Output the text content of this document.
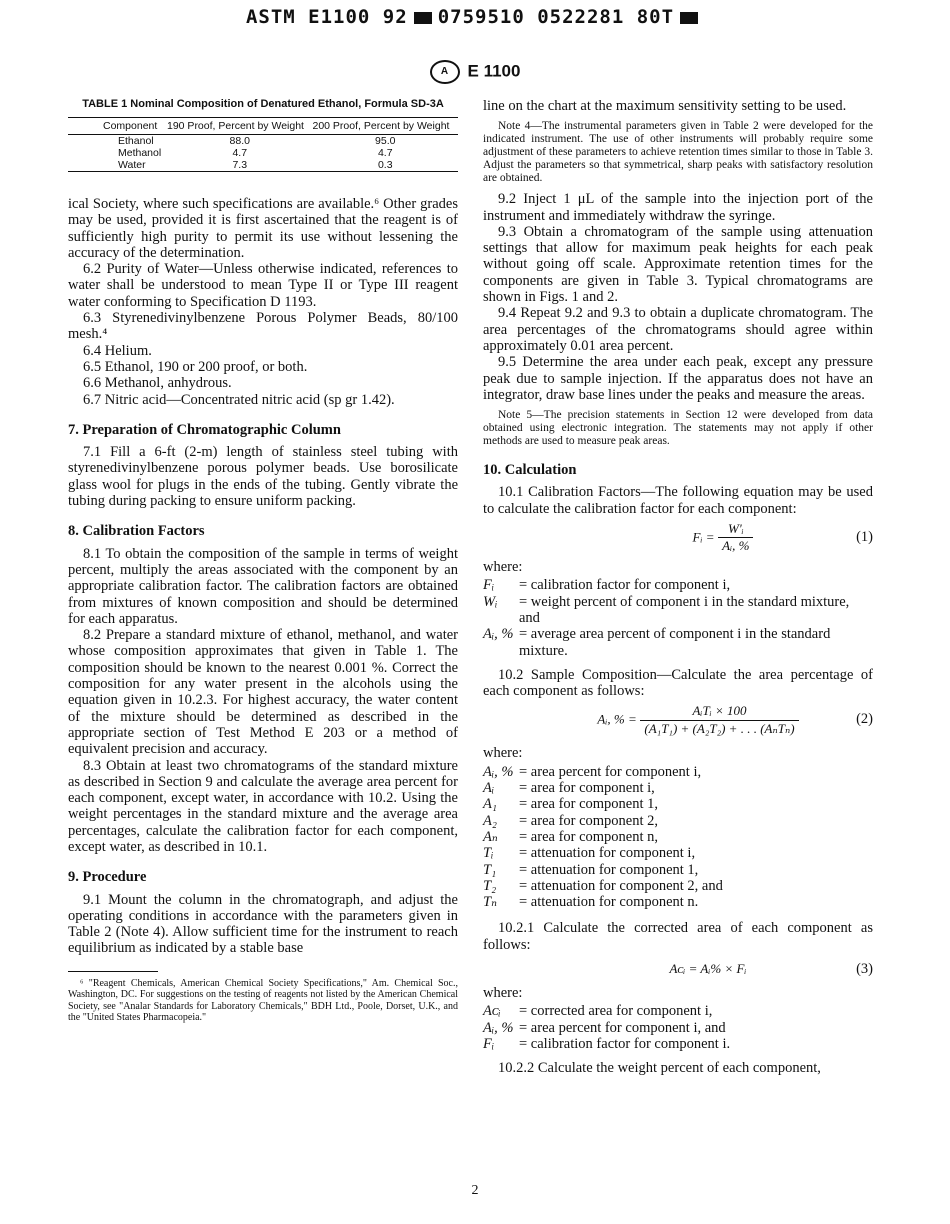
ASTM E1100 92 0759510 0522281 80T
A E 1100
TABLE 1 Nominal Composition of Denatured Ethanol, Formula SD-3A
Component	190 Proof, Percent by Weight	200 Proof, Percent by Weight
Ethanol	88.0	95.0
Methanol	4.7	4.7
Water	7.3	0.3

ical Society, where such specifications are available.⁶ Other grades may be used, provided it is first ascertained that the reagent is of sufficiently high purity to permit its use without lessening the accuracy of the determination.

6.2 Purity of Water—Unless otherwise indicated, references to water shall be understood to mean Type II or Type III reagent water conforming to Specification D 1193.

6.3 Styrenedivinylbenzene Porous Polymer Beads, 80/100 mesh.⁴

6.4 Helium.

6.5 Ethanol, 190 or 200 proof, or both.

6.6 Methanol, anhydrous.

6.7 Nitric acid—Concentrated nitric acid (sp gr 1.42).

7. Preparation of Chromatographic Column

7.1 Fill a 6-ft (2-m) length of stainless steel tubing with styrenedivinylbenzene porous polymer beads. Use borosilicate glass wool for plugs in the ends of the tubing. Gently vibrate the tubing during packing to ensure uniform packing.

8. Calibration Factors

8.1 To obtain the composition of the sample in terms of weight percent, multiply the areas associated with the component by an appropriate calibration factor. The calibration factors are obtained from mixtures of known composition and should be determined for each apparatus.

8.2 Prepare a standard mixture of ethanol, methanol, and water whose composition approximates that given in Table 1. The composition should be known to the nearest 0.001 %. Correct the composition for any water present in the alcohols using the equation given in 10.2.3. For highest accuracy, the water content of the mixture should be determined as described in the appropriate section of Test Method E 203 or a method of equivalent precision and accuracy.

8.3 Obtain at least two chromatograms of the standard mixture as described in Section 9 and calculate the average area percent for each component, except water, in accordance with 10.2. Using the weight percentages in the standard mixture and the average area percentages, calculate the calibration factor for each component, except water, as described in 10.1.

9. Procedure

9.1 Mount the column in the chromatograph, and adjust the operating conditions in accordance with the parameters given in Table 2 (Note 4). Allow sufficient time for the instrument to reach equilibrium as indicated by a stable base

⁶ "Reagent Chemicals, American Chemical Society Specifications," Am. Chemical Soc., Washington, DC. For suggestions on the testing of reagents not listed by the American Chemical Society, see "Analar Standards for Laboratory Chemicals," BDH Ltd., Poole, Dorset, U.K., and the "United States Pharmacopeia."

line on the chart at the maximum sensitivity setting to be used.

Note 4—The instrumental parameters given in Table 2 were developed for the indicated instrument. The use of other instruments will probably require some adjustment of these parameters to achieve retention times similar to those in Table 3. Adjust the parameters so that symmetrical, sharp peaks with satisfactory resolution are obtained.

9.2 Inject 1 μL of the sample into the injection port of the instrument and immediately withdraw the syringe.

9.3 Obtain a chromatogram of the sample using attenuation settings that allow for maximum peak heights for each peak without going off scale. Approximate retention times for the components are given in Table 3. Typical chromatograms are shown in Figs. 1 and 2.

9.4 Repeat 9.2 and 9.3 to obtain a duplicate chromatogram. The area percentages of the chromatograms should agree within approximately 0.01 area percent.

9.5 Determine the area under each peak, except any pressure peak due to sample injection. If the apparatus does not have an integrator, draw base lines under the peaks and measure the areas.

Note 5—The precision statements in Section 12 were developed from data obtained using electronic integration. The statements may not apply if other methods are used to measure peak areas.

10. Calculation

10.1 Calibration Factors—The following equation may be used to calculate the calibration factor for each component:

Fᵢ = $\frac{\text{W'ᵢ}}{\text{Aᵢ, \%}}$	(1)

where:

Fᵢ	= calibration factor for component i,
Wᵢ	= weight percent of component i in the standard mixture, and
Aᵢ, % = average area percent of component i in the standard mixture.

10.2 Sample Composition—Calculate the area percentage of each component as follows:

Aᵢ, % = $\frac{\text{AᵢTᵢ × 100}}{\text{(A₁T₁) + (A₂T₂) + . . . (AₙTₙ)}}$	(2)

where:

Aᵢ, % = area percent for component i,
Aᵢ	= area for component i,
A₁	= area for component 1,
A₂	= area for component 2,
Aₙ	= area for component n,
Tᵢ	= attenuation for component i,
T₁	= attenuation for component 1,
T₂	= attenuation for component 2, and
Tₙ	= attenuation for component n.

10.2.1 Calculate the corrected area of each component as follows:

Aᴄᵢ = Aᵢ% × Fᵢ	(3)

where:

Aᴄᵢ	= corrected area for component i,
Aᵢ, % = area percent for component i, and
Fᵢ	= calibration factor for component i.

10.2.2 Calculate the weight percent of each component,

2
